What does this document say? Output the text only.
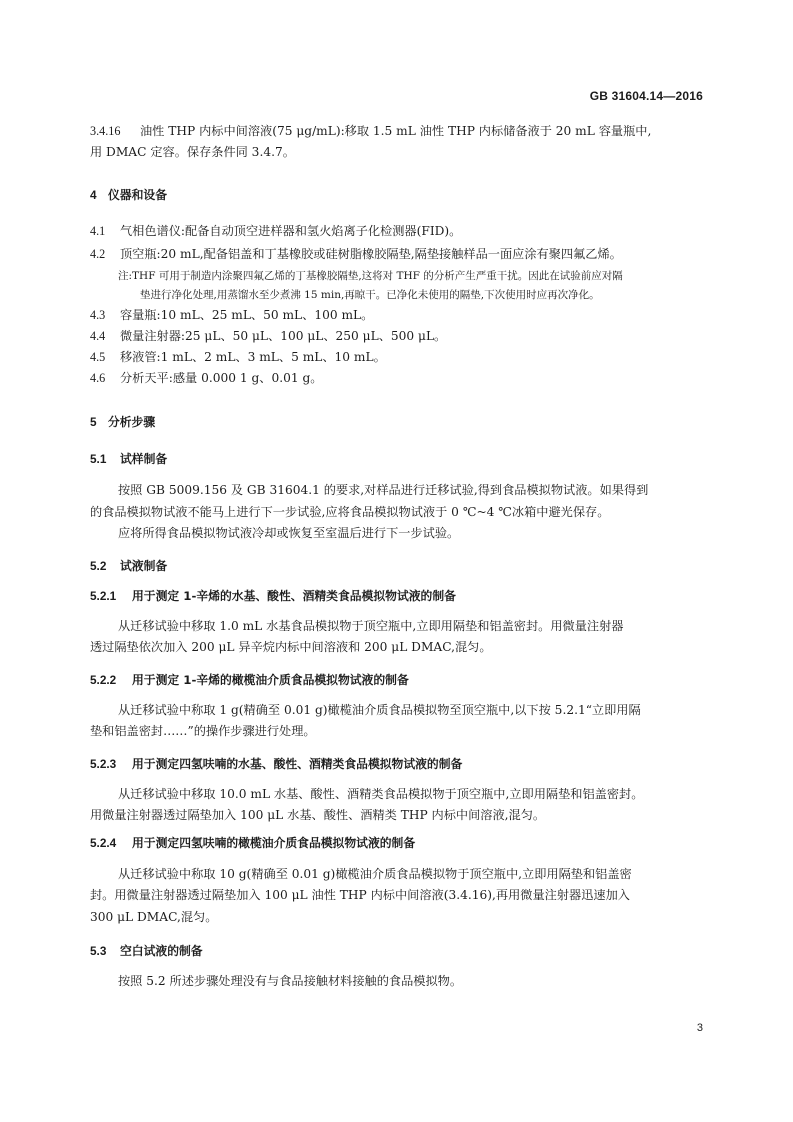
GB 31604.14—2016
3.4.16 油性 THP 内标中间溶液(75 μg/mL):移取 1.5 mL 油性 THP 内标储备液于 20 mL 容量瓶中,
用 DMAC 定容。保存条件同 3.4.7。
4 仪器和设备
4.1 气相色谱仪:配备自动顶空进样器和氢火焰离子化检测器(FID)。
4.2 顶空瓶:20 mL,配备铝盖和丁基橡胶或硅树脂橡胶隔垫,隔垫接触样品一面应涂有聚四氟乙烯。
注:THF 可用于制造内涂聚四氟乙烯的丁基橡胶隔垫,这将对 THF 的分析产生严重干扰。因此在试验前应对隔
垫进行净化处理,用蒸馏水至少煮沸 15 min,再晾干。已净化未使用的隔垫,下次使用时应再次净化。
4.3 容量瓶:10 mL、25 mL、50 mL、100 mL。
4.4 微量注射器:25 μL、50 μL、100 μL、250 μL、500 μL。
4.5 移液管:1 mL、2 mL、3 mL、5 mL、10 mL。
4.6 分析天平:感量 0.000 1 g、0.01 g。
5 分析步骤
5.1 试样制备
按照 GB 5009.156 及 GB 31604.1 的要求,对样品进行迁移试验,得到食品模拟物试液。如果得到
的食品模拟物试液不能马上进行下一步试验,应将食品模拟物试液于 0 ℃~4 ℃冰箱中避光保存。
应将所得食品模拟物试液冷却或恢复至室温后进行下一步试验。
5.2 试液制备
5.2.1 用于测定 1-辛烯的水基、酸性、酒精类食品模拟物试液的制备
从迁移试验中移取 1.0 mL 水基食品模拟物于顶空瓶中,立即用隔垫和铝盖密封。用微量注射器
透过隔垫依次加入 200 μL 异辛烷内标中间溶液和 200 μL DMAC,混匀。
5.2.2 用于测定 1-辛烯的橄榄油介质食品模拟物试液的制备
从迁移试验中称取 1 g(精确至 0.01 g)橄榄油介质食品模拟物至顶空瓶中,以下按 5.2.1“立即用隔
垫和铝盖密封……”的操作步骤进行处理。
5.2.3 用于测定四氢呋喃的水基、酸性、酒精类食品模拟物试液的制备
从迁移试验中移取 10.0 mL 水基、酸性、酒精类食品模拟物于顶空瓶中,立即用隔垫和铝盖密封。
用微量注射器透过隔垫加入 100 μL 水基、酸性、酒精类 THP 内标中间溶液,混匀。
5.2.4 用于测定四氢呋喃的橄榄油介质食品模拟物试液的制备
从迁移试验中称取 10 g(精确至 0.01 g)橄榄油介质食品模拟物于顶空瓶中,立即用隔垫和铝盖密
封。用微量注射器透过隔垫加入 100 μL 油性 THP 内标中间溶液(3.4.16),再用微量注射器迅速加入
300 μL DMAC,混匀。
5.3 空白试液的制备
按照 5.2 所述步骤处理没有与食品接触材料接触的食品模拟物。
3
